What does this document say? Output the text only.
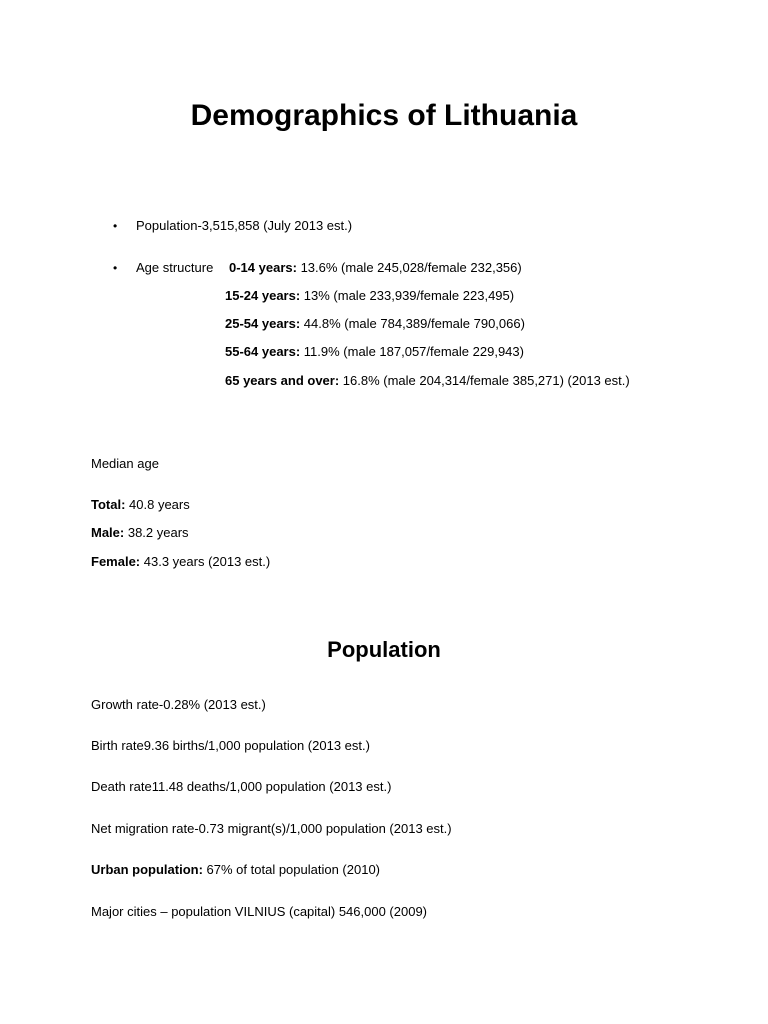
Demographics of Lithuania
• Population-3,515,858 (July 2013 est.)
• Age structure 0-14 years: 13.6% (male 245,028/female 232,356)
15-24 years: 13% (male 233,939/female 223,495)
25-54 years: 44.8% (male 784,389/female 790,066)
55-64 years: 11.9% (male 187,057/female 229,943)
65 years and over: 16.8% (male 204,314/female 385,271) (2013 est.)
Median age
Total: 40.8 years
Male: 38.2 years
Female: 43.3 years (2013 est.)
Population
Growth rate-0.28% (2013 est.)
Birth rate9.36 births/1,000 population (2013 est.)
Death rate11.48 deaths/1,000 population (2013 est.)
Net migration rate-0.73 migrant(s)/1,000 population (2013 est.)
Urban population: 67% of total population (2010)
Major cities – population VILNIUS (capital) 546,000 (2009)
